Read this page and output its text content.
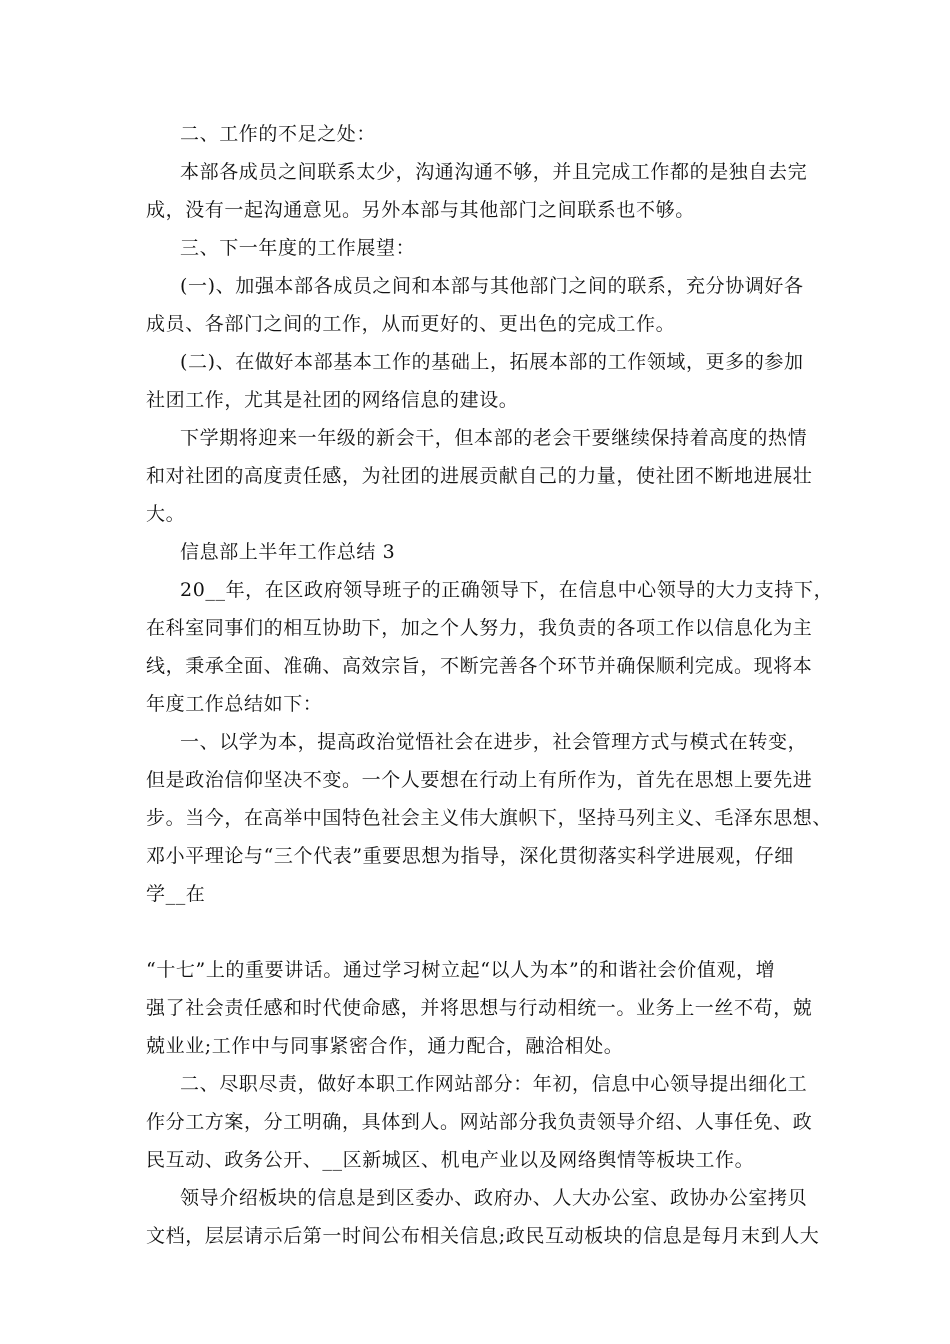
二、工作的不足之处：
本部各成员之间联系太少，沟通沟通不够，并且完成工作都的是独自去完
成，没有一起沟通意见。另外本部与其他部门之间联系也不够。
三、下一年度的工作展望：
(一)、加强本部各成员之间和本部与其他部门之间的联系，充分协调好各
成员、各部门之间的工作，从而更好的、更出色的完成工作。
(二)、在做好本部基本工作的基础上，拓展本部的工作领域，更多的参加
社团工作，尤其是社团的网络信息的建设。
下学期将迎来一年级的新会干，但本部的老会干要继续保持着高度的热情
和对社团的高度责任感，为社团的进展贡献自己的力量，使社团不断地进展壮
大。
信息部上半年工作总结 3
20__年，在区政府领导班子的正确领导下，在信息中心领导的大力支持下，
在科室同事们的相互协助下，加之个人努力，我负责的各项工作以信息化为主
线，秉承全面、准确、高效宗旨，不断完善各个环节并确保顺利完成。现将本
年度工作总结如下：
一、以学为本，提高政治觉悟社会在进步，社会管理方式与模式在转变，
但是政治信仰坚决不变。一个人要想在行动上有所作为，首先在思想上要先进
步。当今，在高举中国特色社会主义伟大旗帜下，坚持马列主义、毛泽东思想、
邓小平理论与“三个代表”重要思想为指导，深化贯彻落实科学进展观，仔细
学__在
“十七”上的重要讲话。通过学习树立起“以人为本”的和谐社会价值观，增
强了社会责任感和时代使命感，并将思想与行动相统一。业务上一丝不苟，兢
兢业业;工作中与同事紧密合作，通力配合，融洽相处。
二、尽职尽责，做好本职工作网站部分：年初，信息中心领导提出细化工
作分工方案，分工明确，具体到人。网站部分我负责领导介绍、人事任免、政
民互动、政务公开、__区新城区、机电产业以及网络舆情等板块工作。
领导介绍板块的信息是到区委办、政府办、人大办公室、政协办公室拷贝
文档，层层请示后第一时间公布相关信息;政民互动板块的信息是每月末到人大
